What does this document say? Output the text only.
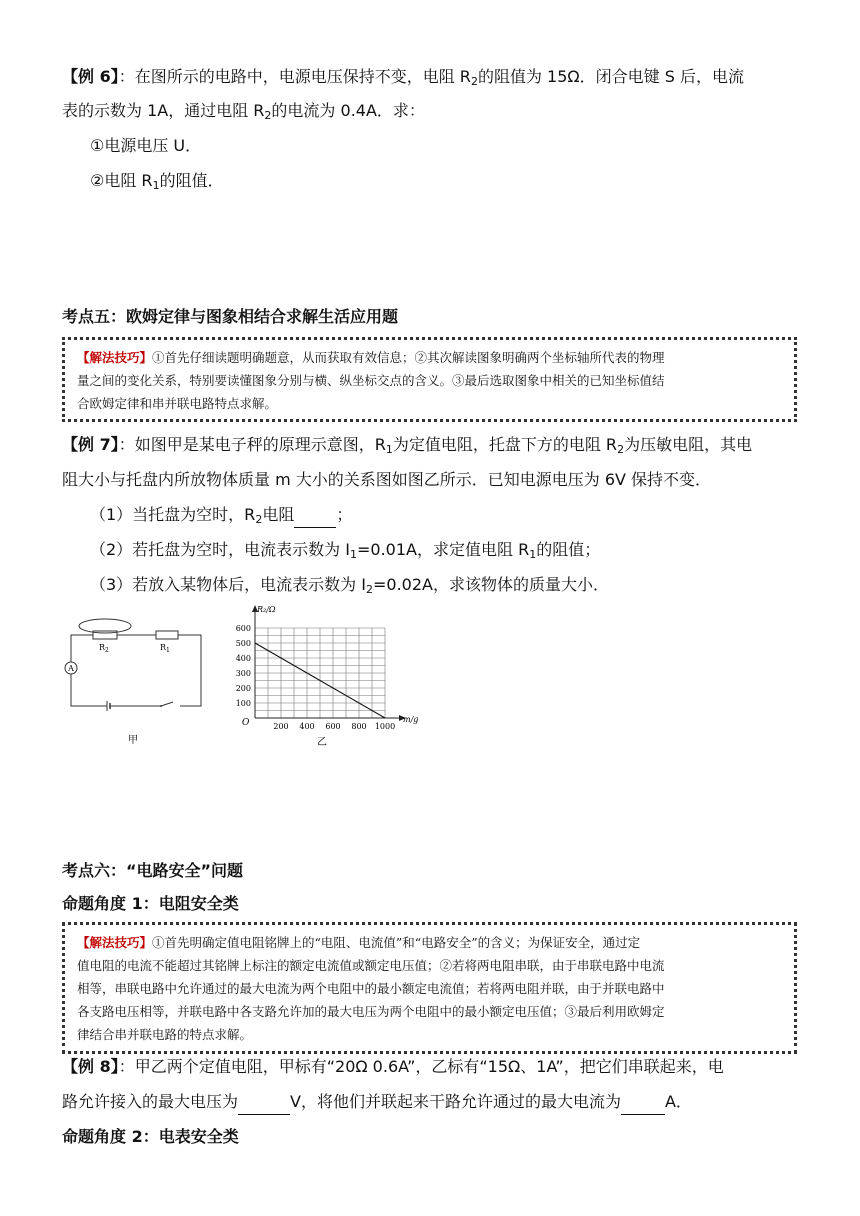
【例 6】：在图所示的电路中，电源电压保持不变，电阻 $R_2$的阻值为 15Ω．闭合电键 S 后，电流
表的示数为 1A，通过电阻 $R_2$的电流为 0.4A．求：
①电源电压 U．
②电阻 $R_1$的阻值．
考点五：欧姆定律与图象相结合求解生活应用题
【解法技巧】①首先仔细读题明确题意，从而获取有效信息；②其次解读图象明确两个坐标轴所代表的物理
量之间的变化关系，特别要读懂图象分别与横、纵坐标交点的含义。③最后选取图象中相关的已知坐标值结
合欧姆定律和串并联电路特点求解。
【例 7】：如图甲是某电子秤的原理示意图，$R_1$为定值电阻，托盘下方的电阻 $R_2$为压敏电阻，其电
阻大小与托盘内所放物体质量 m 大小的关系图如图乙所示．已知电源电压为 6V 保持不变．
（1）当托盘为空时，$R_2$电阻	；
（2）若托盘为空时，电流表示数为 $I_1=0.01A$，求定值电阻 $R_1$的阻值；
（3）若放入某物体后，电流表示数为 $I_2=0.02A$，求该物体的质量大小．
A
$R_2$	$R_1$
甲
200 400 600 800 1000
100
200
300
400
500
600
R₂/Ω
m/g
O
乙
考点六：“电路安全”问题
命题角度 1：电阻安全类
【解法技巧】①首先明确定值电阻铭牌上的“电阻、电流值”和“电路安全”的含义；为保证安全，通过定
值电阻的电流不能超过其铭牌上标注的额定电流值或额定电压值；②若将两电阻串联，由于串联电路中电流
相等，串联电路中允许通过的最大电流为两个电阻中的最小额定电流值；若将两电阻并联，由于并联电路中
各支路电压相等，并联电路中各支路允许加的最大电压为两个电阻中的最小额定电压值；③最后利用欧姆定
律结合串并联电路的特点求解。
【例 8】：甲乙两个定值电阻，甲标有“20Ω 0.6A”，乙标有“15Ω、1A”，把它们串联起来，电
路允许接入的最大电压为	V，将他们并联起来干路允许通过的最大电流为	A．
命题角度 2：电表安全类
